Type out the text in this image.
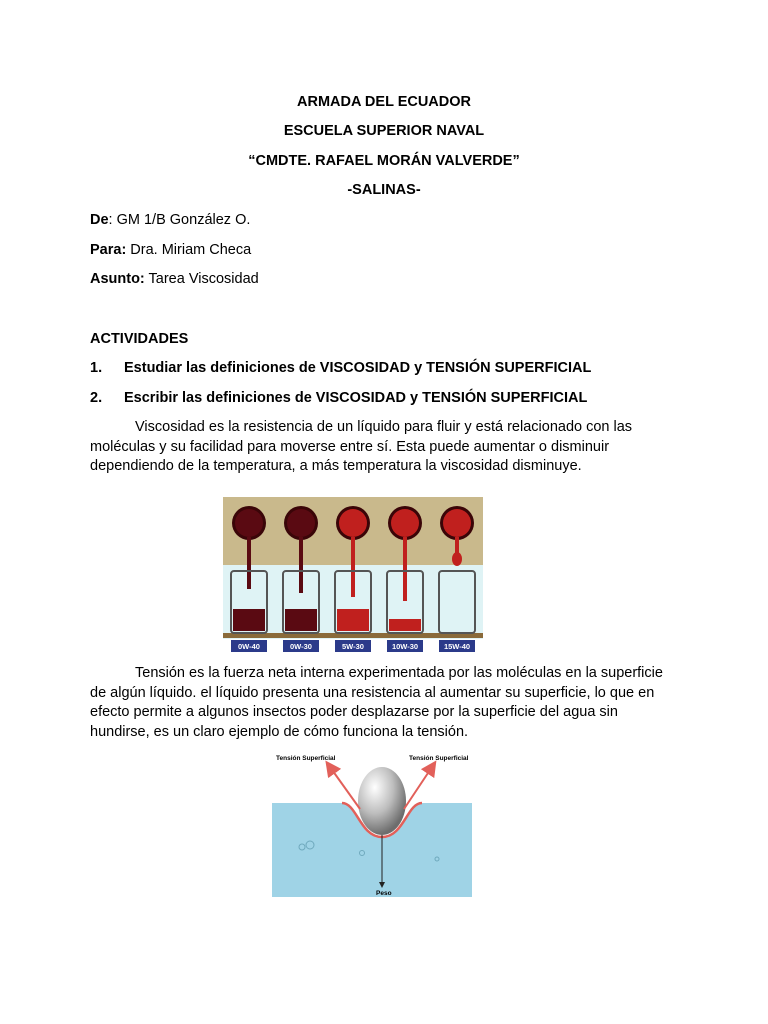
ARMADA DEL ECUADOR
ESCUELA SUPERIOR NAVAL
“CMDTE. RAFAEL MORÁN VALVERDE”
-SALINAS-
De: GM 1/B González O.
Para: Dra. Miriam Checa
Asunto: Tarea Viscosidad
ACTIVIDADES
1. Estudiar las definiciones de VISCOSIDAD y TENSIÓN SUPERFICIAL
2. Escribir las definiciones de VISCOSIDAD y TENSIÓN SUPERFICIAL

Viscosidad es la resistencia de un líquido para fluir y está relacionado con las moléculas y su facilidad para moverse entre sí. Esta puede aumentar o disminuir dependiendo de la temperatura, a más temperatura la viscosidad disminuye.

0W-40	0W-30	5W-30	10W-30	15W-40

Tensión es la fuerza neta interna experimentada por las moléculas en la superficie de algún líquido. el líquido presenta una resistencia al aumentar su superficie, lo que en efecto permite a algunos insectos poder desplazarse por la superficie del agua sin hundirse, es un claro ejemplo de cómo funciona la tensión.

Tensión Superficial	Tensión Superficial
Peso
